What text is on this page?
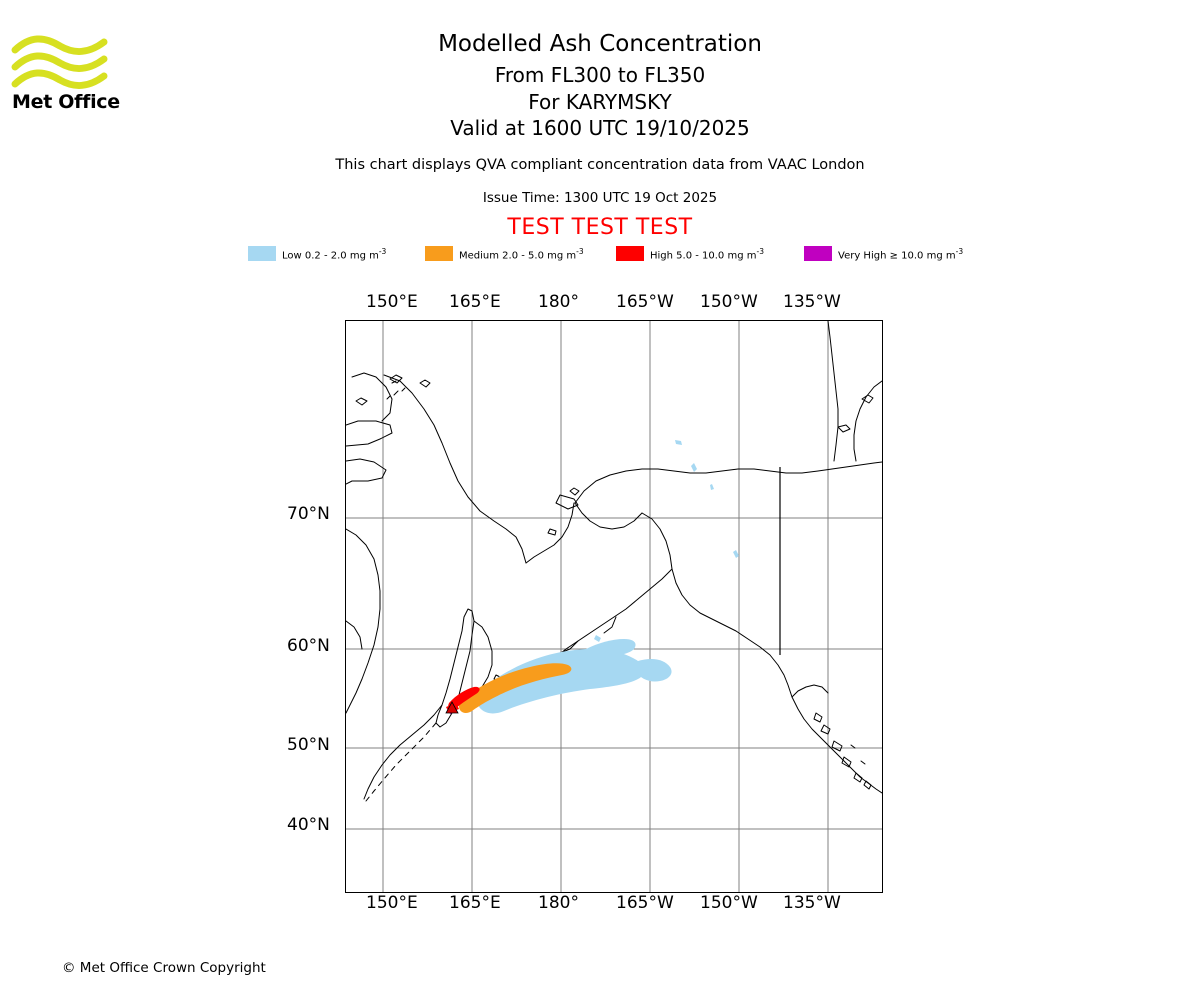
Met Office
Modelled Ash Concentration
From FL300 to FL350
For KARYMSKY
Valid at 1600 UTC 19/10/2025
This chart displays QVA compliant concentration data from VAAC London
Issue Time: 1300 UTC 19 Oct 2025
TEST TEST TEST
Low 0.2 - 2.0 mg $m^{-3}$	Medium 2.0 - 5.0 mg $m^{-3}$	High 5.0 - 10.0 mg $m^{-3}$	Very High ≥ 10.0 mg $m^{-3}$
150°E 165°E 180° 165°W 150°W 135°W
150°E 165°E 180° 165°W 150°W 135°W
70°N
60°N
50°N
40°N
© Met Office Crown Copyright
